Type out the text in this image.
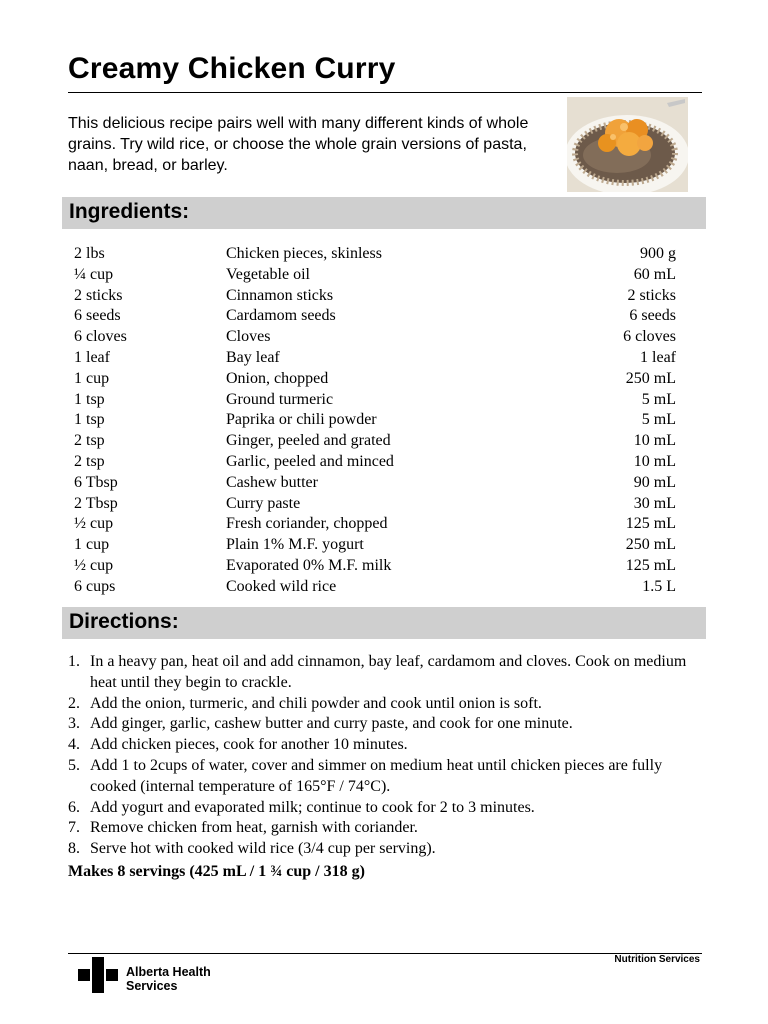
Creamy Chicken Curry

This delicious recipe pairs well with many different kinds of whole grains. Try wild rice, or choose the whole grain versions of pasta, naan, bread, or barley.

Ingredients:
2 lbs	Chicken pieces, skinless	900 g
¼ cup	Vegetable oil	60 mL
2 sticks	Cinnamon sticks	2 sticks
6 seeds	Cardamom seeds	6 seeds
6 cloves	Cloves	6 cloves
1 leaf	Bay leaf	1 leaf
1 cup	Onion, chopped	250 mL
1 tsp	Ground turmeric	5 mL
1 tsp	Paprika or chili powder	5 mL
2 tsp	Ginger, peeled and grated	10 mL
2 tsp	Garlic, peeled and minced	10 mL
6 Tbsp	Cashew butter	90 mL
2 Tbsp	Curry paste	30 mL
½ cup	Fresh coriander, chopped	125 mL
1 cup	Plain 1% M.F. yogurt	250 mL
½ cup	Evaporated 0% M.F. milk	125 mL
6 cups	Cooked wild rice	1.5 L
Directions:
1. In a heavy pan, heat oil and add cinnamon, bay leaf, cardamom and cloves. Cook on medium heat until they begin to crackle.
2. Add the onion, turmeric, and chili powder and cook until onion is soft.
3. Add ginger, garlic, cashew butter and curry paste, and cook for one minute.
4. Add chicken pieces, cook for another 10 minutes.
5. Add 1 to 2cups of water, cover and simmer on medium heat until chicken pieces are fully cooked (internal temperature of 165°F / 74°C).
6. Add yogurt and evaporated milk; continue to cook for 2 to 3 minutes.
7. Remove chicken from heat, garnish with coriander.
8. Serve hot with cooked wild rice (3/4 cup per serving).
Makes 8 servings (425 mL / 1 ¾ cup / 318 g)
Nutrition Services
Alberta Health
Services
